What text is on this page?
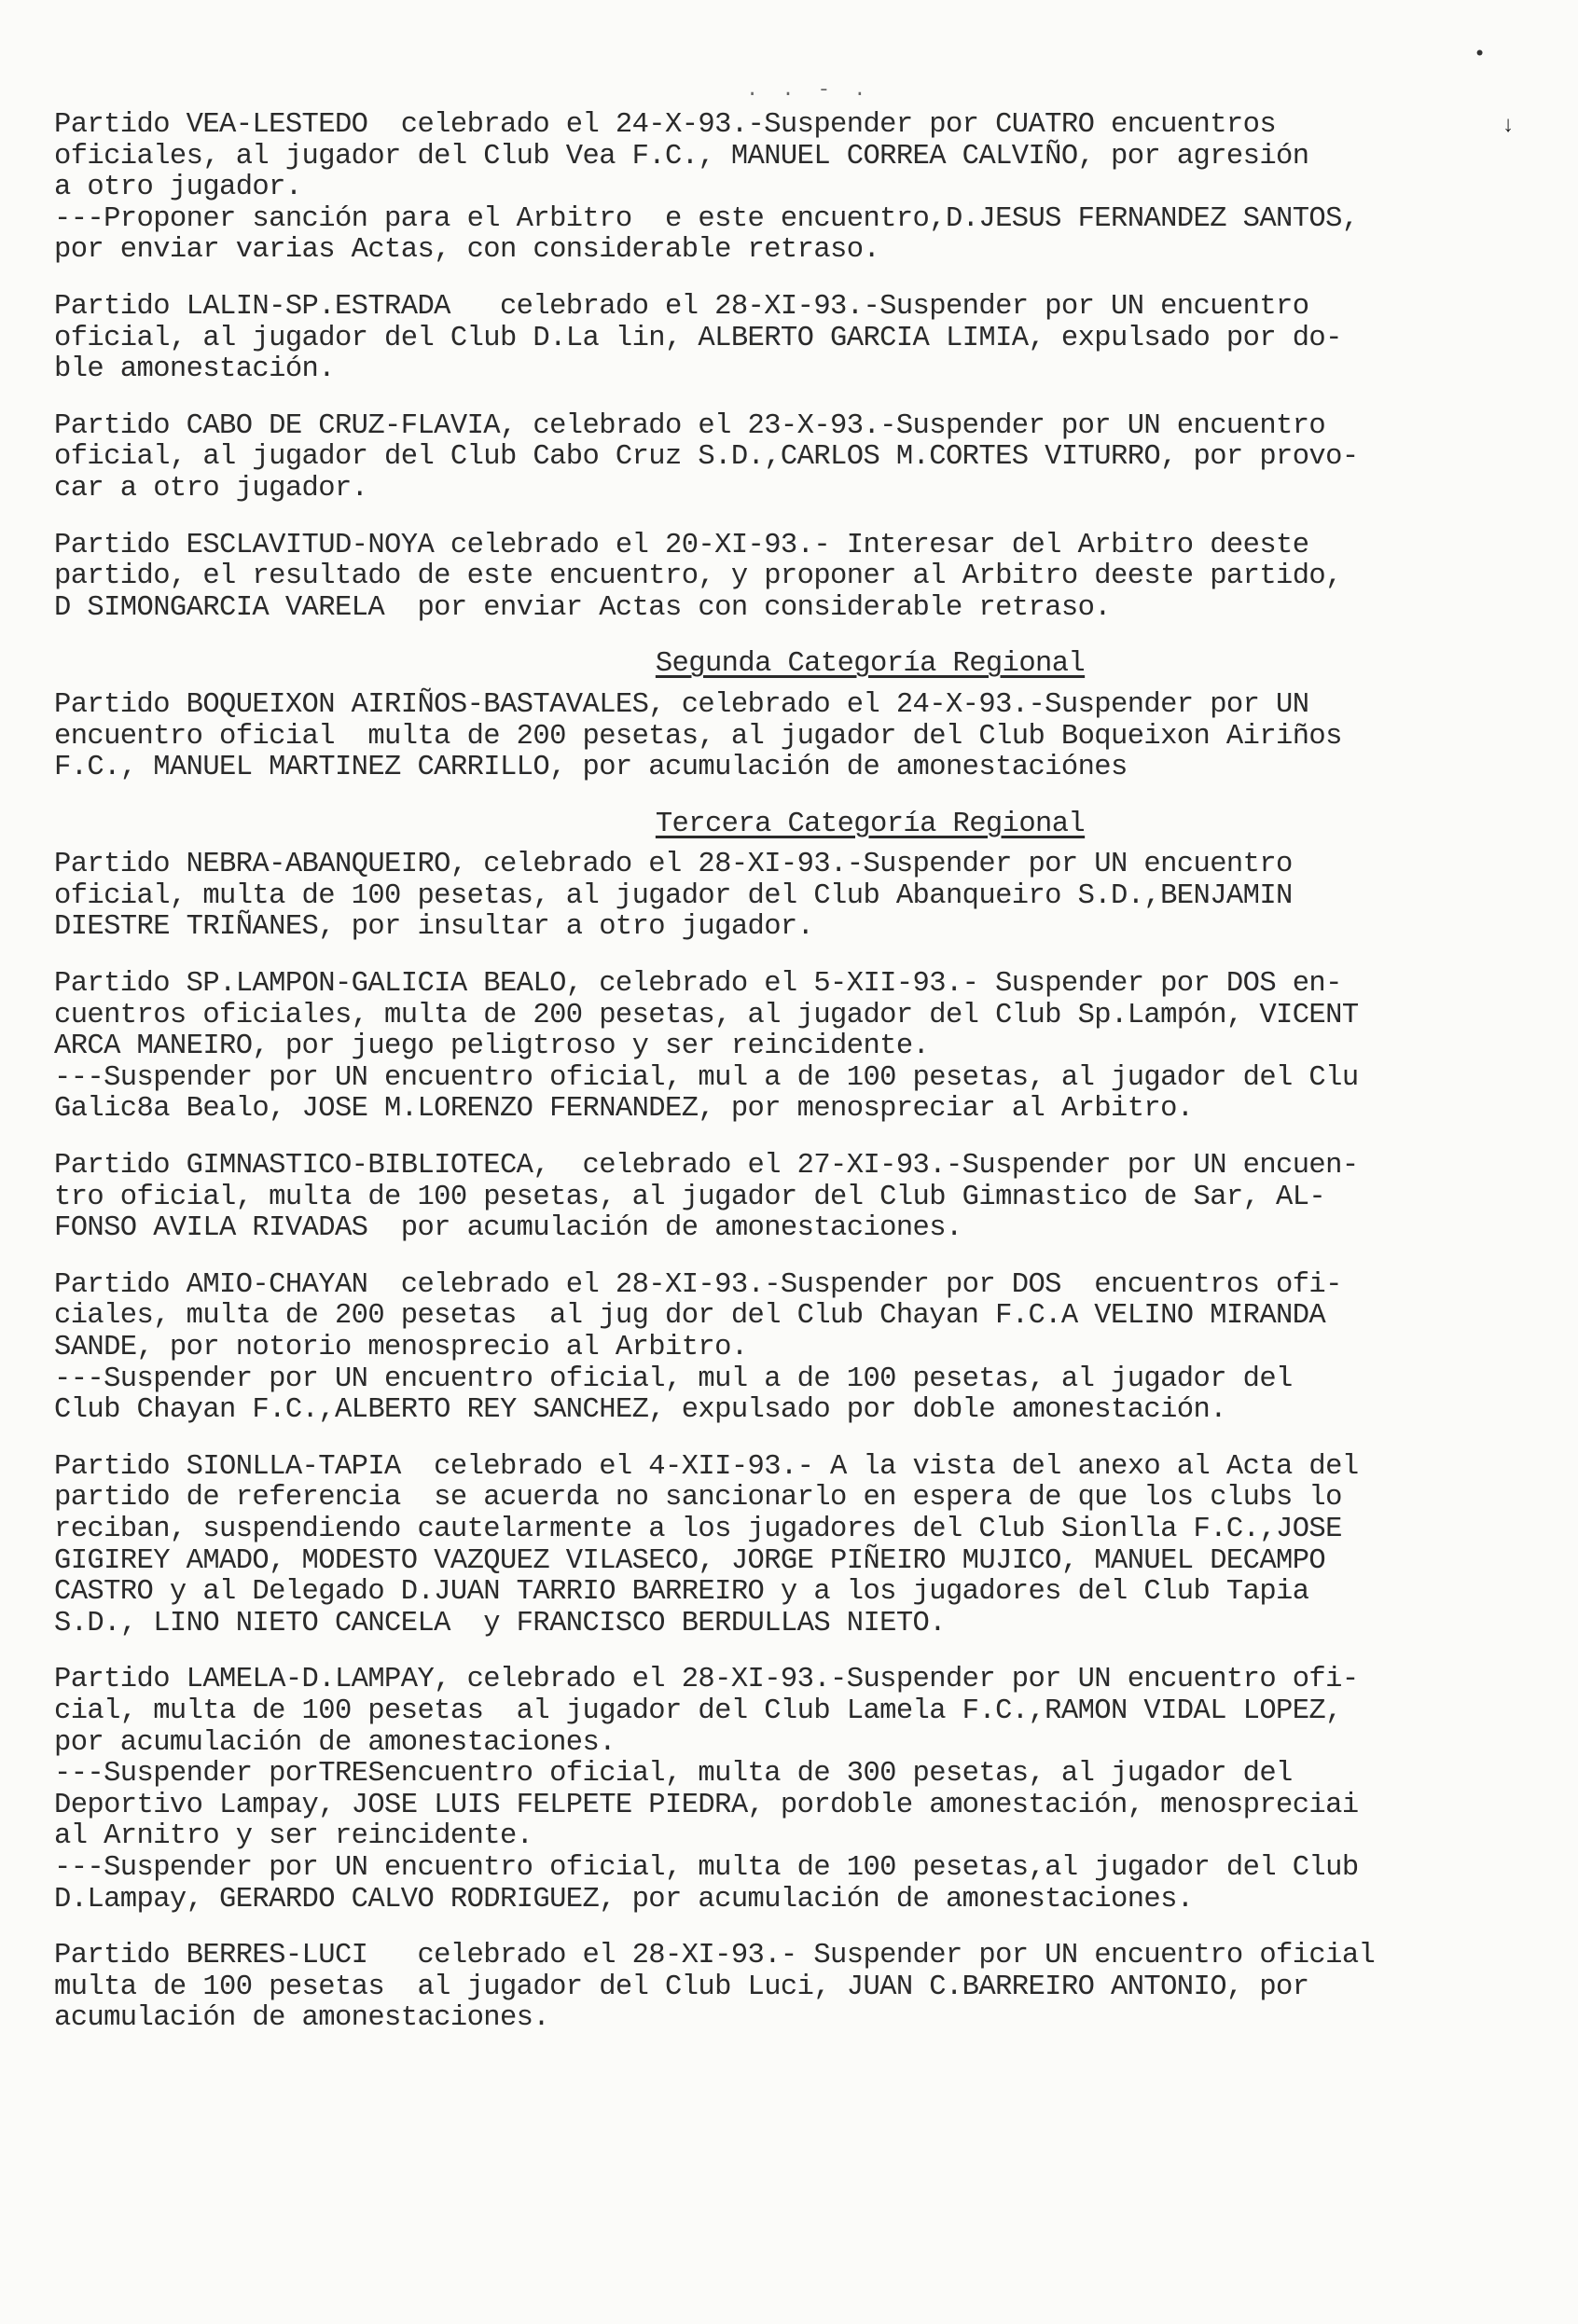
. . - .
•
↓
Partido VEA-LESTEDO  celebrado el 24-X-93.-Suspender por CUATRO encuentros
oficiales, al jugador del Club Vea F.C., MANUEL CORREA CALVIÑO, por agresión
a otro jugador.
---Proponer sanción para el Arbitro  e este encuentro,D.JESUS FERNANDEZ SANTOS,
por enviar varias Actas, con considerable retraso.
Partido LALIN-SP.ESTRADA   celebrado el 28-XI-93.-Suspender por UN encuentro
oficial, al jugador del Club D.La lin, ALBERTO GARCIA LIMIA, expulsado por do-
ble amonestación.
Partido CABO DE CRUZ-FLAVIA, celebrado el 23-X-93.-Suspender por UN encuentro
oficial, al jugador del Club Cabo Cruz S.D.,CARLOS M.CORTES VITURRO, por provo-
car a otro jugador.
Partido ESCLAVITUD-NOYA celebrado el 20-XI-93.- Interesar del Arbitro deeste
partido, el resultado de este encuentro, y proponer al Arbitro deeste partido,
D SIMONGARCIA VARELA  por enviar Actas con considerable retraso.
Segunda Categoría Regional
Partido BOQUEIXON AIRIÑOS-BASTAVALES, celebrado el 24-X-93.-Suspender por UN
encuentro oficial  multa de 200 pesetas, al jugador del Club Boqueixon Airiños
F.C., MANUEL MARTINEZ CARRILLO, por acumulación de amonestaciónes
Tercera Categoría Regional
Partido NEBRA-ABANQUEIRO, celebrado el 28-XI-93.-Suspender por UN encuentro
oficial, multa de 100 pesetas, al jugador del Club Abanqueiro S.D.,BENJAMIN
DIESTRE TRIÑANES, por insultar a otro jugador.
Partido SP.LAMPON-GALICIA BEALO, celebrado el 5-XII-93.- Suspender por DOS en-
cuentros oficiales, multa de 200 pesetas, al jugador del Club Sp.Lampón, VICENT
ARCA MANEIRO, por juego peligtroso y ser reincidente.
---Suspender por UN encuentro oficial, mul a de 100 pesetas, al jugador del Clu
Galic8a Bealo, JOSE M.LORENZO FERNANDEZ, por menospreciar al Arbitro.
Partido GIMNASTICO-BIBLIOTECA,  celebrado el 27-XI-93.-Suspender por UN encuen-
tro oficial, multa de 100 pesetas, al jugador del Club Gimnastico de Sar, AL-
FONSO AVILA RIVADAS  por acumulación de amonestaciones.
Partido AMIO-CHAYAN  celebrado el 28-XI-93.-Suspender por DOS  encuentros ofi-
ciales, multa de 200 pesetas  al jug dor del Club Chayan F.C.A VELINO MIRANDA
SANDE, por notorio menosprecio al Arbitro.
---Suspender por UN encuentro oficial, mul a de 100 pesetas, al jugador del
Club Chayan F.C.,ALBERTO REY SANCHEZ, expulsado por doble amonestación.
Partido SIONLLA-TAPIA  celebrado el 4-XII-93.- A la vista del anexo al Acta del
partido de referencia  se acuerda no sancionarlo en espera de que los clubs lo
reciban, suspendiendo cautelarmente a los jugadores del Club Sionlla F.C.,JOSE
GIGIREY AMADO, MODESTO VAZQUEZ VILASECO, JORGE PIÑEIRO MUJICO, MANUEL DECAMPO
CASTRO y al Delegado D.JUAN TARRIO BARREIRO y a los jugadores del Club Tapia
S.D., LINO NIETO CANCELA  y FRANCISCO BERDULLAS NIETO.
Partido LAMELA-D.LAMPAY, celebrado el 28-XI-93.-Suspender por UN encuentro ofi-
cial, multa de 100 pesetas  al jugador del Club Lamela F.C.,RAMON VIDAL LOPEZ,
por acumulación de amonestaciones.
---Suspender porTRESencuentro oficial, multa de 300 pesetas, al jugador del
Deportivo Lampay, JOSE LUIS FELPETE PIEDRA, pordoble amonestación, menospreciai
al Arnitro y ser reincidente.
---Suspender por UN encuentro oficial, multa de 100 pesetas,al jugador del Club
D.Lampay, GERARDO CALVO RODRIGUEZ, por acumulación de amonestaciones.
Partido BERRES-LUCI   celebrado el 28-XI-93.- Suspender por UN encuentro oficial
multa de 100 pesetas  al jugador del Club Luci, JUAN C.BARREIRO ANTONIO, por
acumulación de amonestaciones.
